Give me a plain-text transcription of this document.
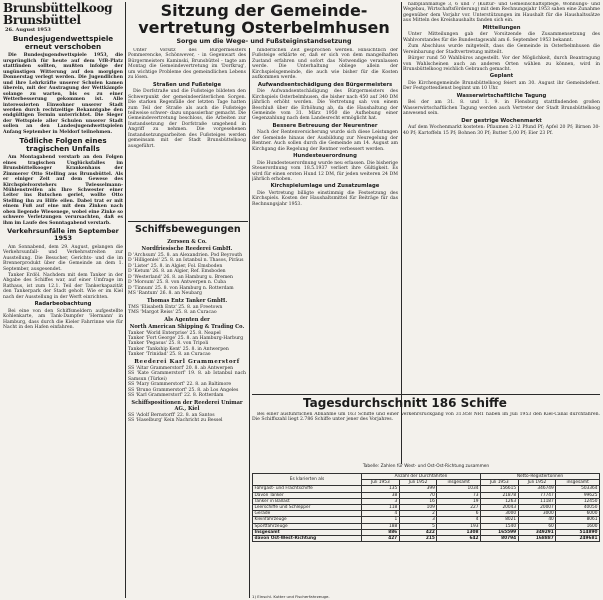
Brunsbüttelkoog
Brunsbüttel
26. August 1953
Bundesjugendwettspiele erneut verschoben

Die Bundesjugendwettspiele 1953, die ursprünglich für heute auf dem VfB-Platz stattfinden sollten, mußten infolge der ungünstigen Witterung auf den morgigen Donnerstag verlegt werden. Die Jugendlichen und ihre Lehrkräfte unserer Schulen kamen überein, mit der Austragung der Wettkämpfe solange zu warten, bis es zu einer Wetterbesserung gekommen ist. Alle interessierten Einwohner unserer Stadt werden durch rechtzeitige Bekanntgabe den endgültigen Termin unterrichtet. Die Sieger der Wettspiele aller Schulen unserer Stadt sollen an den Landesjugendwettspielen Anfang September in Meldorf teilnehmen.

Tödliche Folgen eines tragischen Unfalls

Am Montagabend verstarb an den Folgen eines tragischen Unglücksfalles im Brunsbüttelkooger Krankenhaus der Zimmerer Otto Stelling aus Brunsbüttel. Als er einiger Zeit auf dem Gewese des Kirchspielvorstehers Twiesselmann-Mühlenstreifen als Ihre Schwester einer Leiter ins Rutschen geriet, wollte Otto Stelling ihn zu Hilfe eilen. Dabei trat er mit einem Fuß auf eine mit dem Zinken nach oben liegende Wiesenege, wobei eine Zinke so schwere Verletzungen verursachten, daß es ihm im Laufe des Sonntagabend verstarb.

Verkehrsunfälle im September 1953

Am Sonnabend, dem 29. August, gelangen die Verkehrsunfall- und Verkehrsstreiten zur Ausstellung. Die Besucher, Gerichts- und die im Brennerprodukt über die Gemeinde an dem 1. September, ausgesendet.

Tanker Erdöl. Nachdem mit dem Tanker in der Abgabe des Schiffes war, auf einer Umfrage im Rathaus, ist zum 12.1. Teil der Tankerkapazität den Tankerpark der Stadt geholt. Wie er im Kiel nach der Ausstellung in der Werft einrichten.

Radarbeobachtung

Bei eine von den Schiffsmeldern aufgestellte Kohlenkarte, am Tank-Dampfer 'Hermann' in Hamburg, dass durch die Kieler Fahrrinne wie für Nacht in den Hafen einfahren.

Sitzung der Gemeinde-
vertretung Osterbelmhusen
Sorge um die Wege- und Fußsteiginstandsetzung

Unter Vorsitz des Bürgermeisters Pommerencke, Schönwever, - in Gegenwart des Bürgermeisters Kaminski, Brunsbüttel - tagte am Montag die Gemeindevertretung im 'Dorfkrug', um wichtige Probleme des gemeindlichen Lebens zu lösen.

Straßen und Fußsteige

Die Dorfstraße und die Fußsteige bildeten den Schwerpunkt der gemeindeeräterlichen Sorgen. Die starken Regenfälle der letzten Tage hatten zum Teil der Straße als auch die Fußsteige teilweise schwer- dazu unpassierbar gemacht. Die Gemeindevertretung beschloss, die Arbeiten zur Instandsetzung der Dorfstraße umgehend in Angriff zu nehmen. Die vorgesehenen Instandsetzungsarbeiten des Fußsteiges werden gemeinsam mit der Stadt Brunsbüttelkoog ausgeführt.

Schiffsbewegungen
Zerssen & Co.
Nordfriesische Reederei GmbH.
D 'Archsum' 25. 8. an Alexandrien. Pod Beyrouth
D 'Hilligenlei' 25. 8. an Istanbul n. Thasos, Piräus
D 'Lister' 25. 8. in Algier, Fol. Emsboden
D 'Ketum' 26. 8. an Algier, Ref. Emsboden
D 'Westerland' 26. 8. an Hamburg u. Bremen
D 'Morsum' 25. 8. von Antwerpen n. Cuba
D 'Tinnum' 25. 8. von Hamburg n. Rotterdam
MS 'Rantum' 26. 8. an Neubarg
Thomas Entz Tanker GmbH.
TMS 'Elisabeth Entz' 25. 8. an Freetown
TMS 'Margot Reiss' 25. 8. an Curacao
Als Agenten der
North American Shipping & Trading Co.
Tanker 'World Enterprise' 25. 8. Neapel
Tanker 'Fort George' 25. 8. an Hamburg-Harburg
Tanker 'Pegasus' 25. 8. von Tripoli
Tanker 'Tankship Kent' 25. 8. in Antwerpen
Tanker 'Trinidad' 25. 8. an Curacao
Reederei Karl Grammerstorf
SS 'Altar Grammerstorf' 20. 8. ab Antwerpen
SS 'Kate Grammerstorf' 19. 8. ab Istanbul nach Samsun (Türkei)
SS 'Mary Grammerstorf' 22. 8. an Baltimore
SS 'Bruno Grammerstorf' 25. 8. ab Los Angeles
SS 'Karl Grammerstorf' 22. 8. Rotterdam
Schiffspositionen der Reederei Unimar AG., Kiel
SS 'Adolf Bernstorff' 22. 8. an Santos
SS 'Haselburg' Kein Nachricht zu Bessel

hinderlichen Zeit gesprochen werden. Hinsichtlich der Fußsteige erklärte er, daß er sich von dem mangelhaften Zustand erfahren und sofort das Notwendige veranlassen werde. Die Unterhaltung obliege allein der Kirchspielsgemeinde, die auch wie bisher für die Kosten aufkommen werde.

Aufwandsentschädigung des Bürgermeisters

Die Aufwandsentschädigung des Bürgermeisters des Kirchspiels Osterbelmhusen, die bisher nach 450 auf 340 DM jährlich erhöht worden. Die Vertretung sah von einem Beschluß über die Erhöhung ab, da die Haushaltung der Gemeinde vom 31. März 1950 die Aufhebung einer Gegenzahlung nach dem Landesrecht ermöglicht hat.

Bessere Betreuung der Neurentner

Nach der Rentenversicherung wurde sich diese Leistungen der Gemeinde hinaus der Ausbildung zur Neuregelung der Rentner. Auch sollen durch die Gemeinde am 14. August am Kirchgang die Regelung der Rentner verbessert werden.

Hundesteuerordnung

Die Hundesteuerordnung wurde neu erlassen. Die bisherige Steuerordnung vom 18.5.1937 verliert ihre Gültigkeit. Es wird für einen ersten Hund 12 DM, für jeden weiteren 24 DM jährlich erhoben.

Kirchspielumlage und Zusatzumlage

Die Vertretung billigte einstimmig die Festsetzung des Kirchspiels. Kosten der Haushaltsmittel für Beiträge für das Rechnungsjahr 1953.

halbplanmäßige 3, 6 und 7 (Kultur- und Gemeinschaftspflege, Wohnungs- und Wegebau, Wirtschaftsförderung) mit dem Rechnungsjahr 1953 sahen eine Zunahme gegenüber dem Vorjahr vor. Unterstützungen im Haushalt für die Haushaltssätze aus Mitteln des Kreishaushalts fanden sich ein.

Mitteilungen

Unter Mitteilungen gab der Vorsitzende die Zusammensetzung des Wahlvorstandes für die Bundestagswahl am 6. September 1953 bekannt.

Zum Abschluss wurde mitgeteilt, dass die Gemeinde in Osterbelmhusen die Vereinbarung der Stadtvertretung mitteilt.

Bürger rund 50 Wahlbüros angestellt. Vor der Möglichkeit, durch Beantragung von Wahlscheinen auch an anderen Orten wählen zu können, wird in Brunsbüttelkoog reichlich Gebrauch gemacht.

Geplant

Die Kirchengemeinde Brunsbüttelkoog feiert am 30. August ihr Gemeindefest. Der Festgottesdienst beginnt um 10 Uhr.

Wasserwirtschaftliche Tagung

Bei der am 31. 8. und 1. 9. in Flensburg stattfindenden großen Wasserwirtschaftlichen Tagung werden auch Vertreter der Stadt Brunsbüttelkoog anwesend sein.

Der gestrige Wochenmarkt

Auf dem Wochenmarkt kosteten: Pflaumen 2-12 Pfund Pf; Apfel 20 Pf; Birnen 30-40 Pf; Kartoffeln 15 Pf; Bohnen 30 Pf; Butter 5,00 Pf; Eier 23 Pf.

Tagesdurchschnitt 186 Schiffe

Bei einer ausführlichen Abnahme um 163 Schiffe und einer Verkehrsrückgang von 31.858 NRT haben im Juli 1953 den Kiel-Canal durchfahren. Die Schiffszahl liegt 2.786 Schiffe unter jener des Vorjahres.

Tabelle: Zahlen für West- und Ost-Ost-Richtung zusammen
Es klarierten als	Anzahl der Durchfahrten			Netto-Registertonnen		
	Juli 1953	Juli 1952	insgesamt	Juli 1953	Juli 1952	insgesamt
Fahrgast- und Frachtschiffe	135	399	1034	156615	346749	503364
Davon Tanker	38	70	73	21878	77747	99625
Tanker in Ballast	3	16	19	1263	11187	12450
Leerschiffe und Schlepper	118	109	227	20043	20007	40050
Gerade	4	2	6	3000	3000	6000
Kleinfahrzeuge	1	3	4	8021	40	8061
Sportfahrzeuge	188	5	193	1540	60	1600
Insgesamt	886	422	1308	165599	349291	514890
davon Ost-West-Richtung	427	215	642	80794	168887	249681
1) Einschl. Kutter und Fischerfahrzeuge.
